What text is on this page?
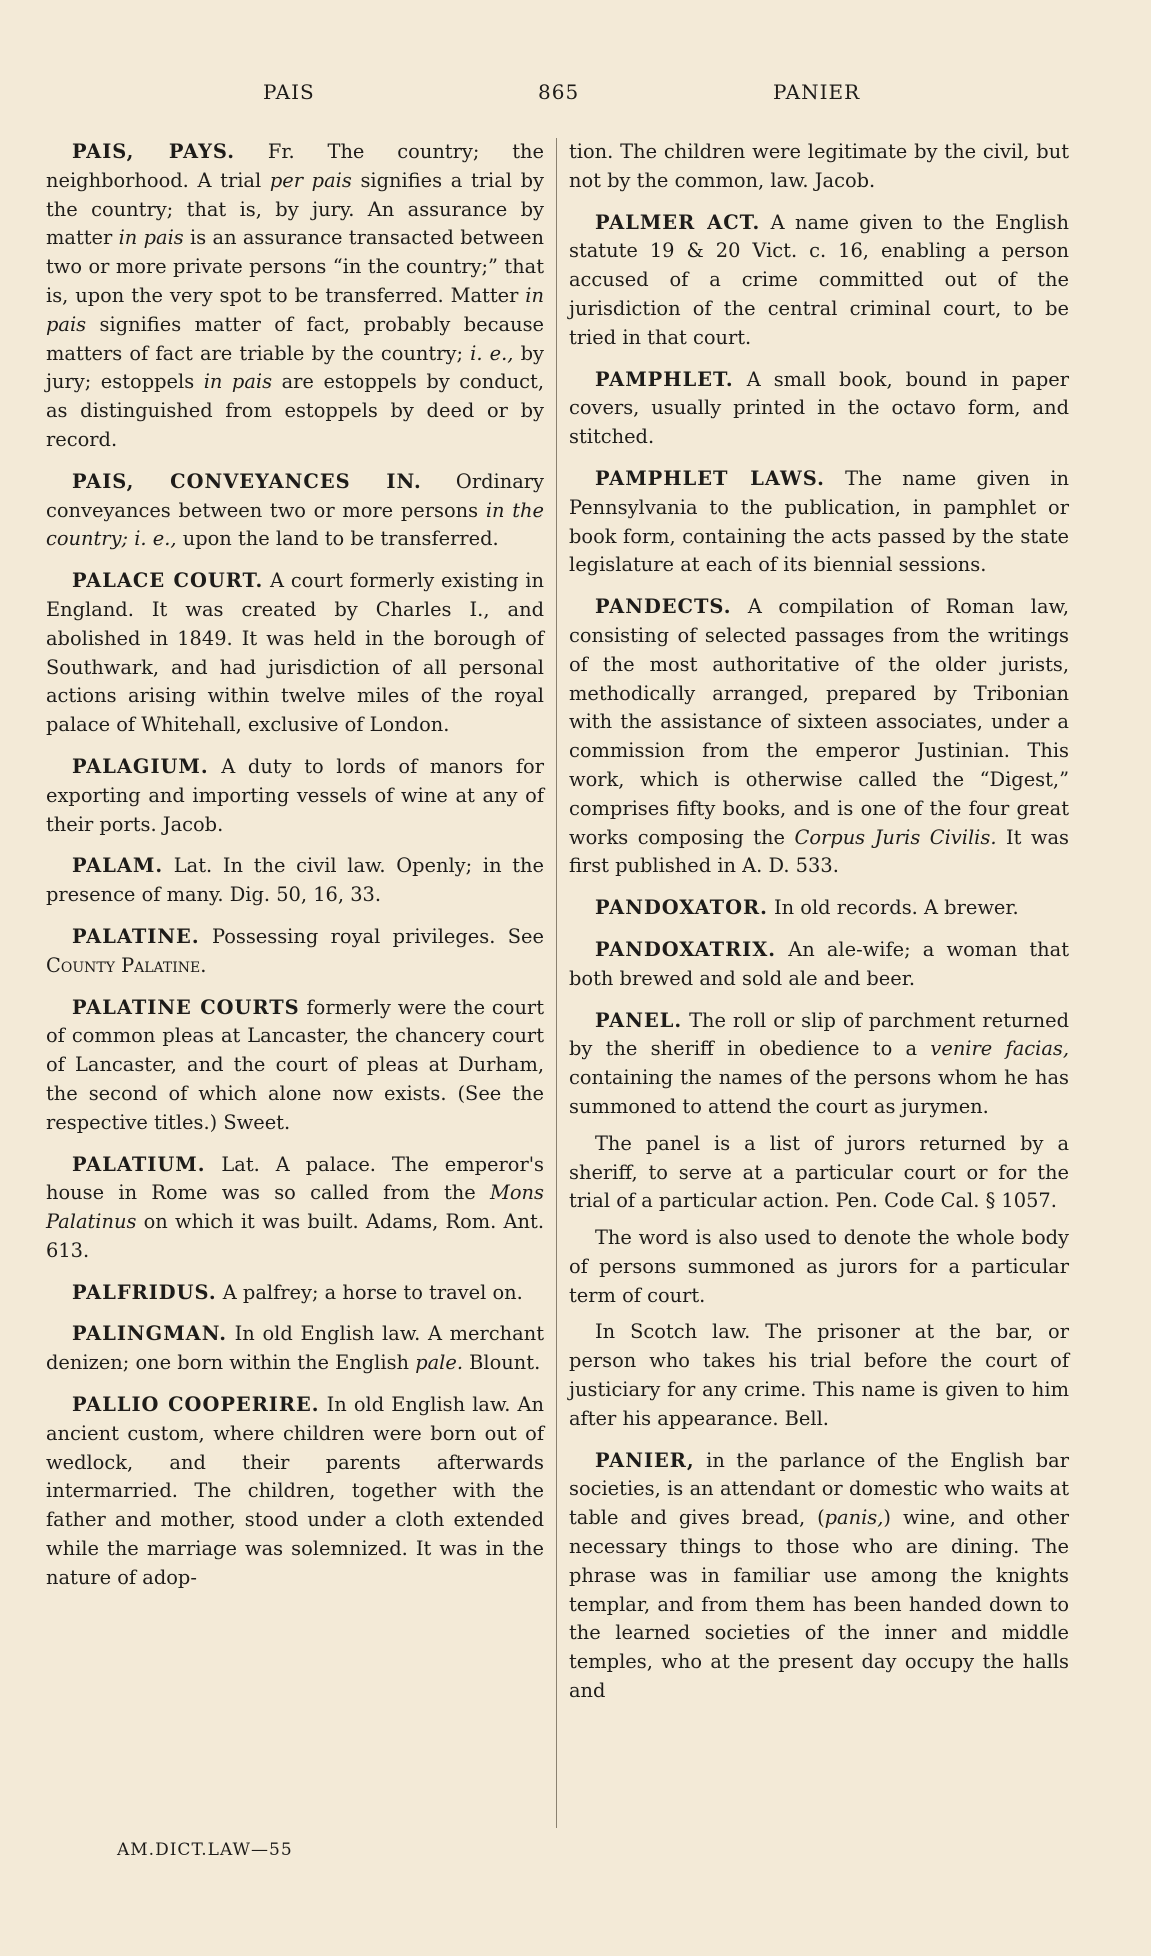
PAIS	865	PANIER

PAIS, PAYS. Fr. The country; the neighborhood. A trial per pais signifies a trial by the country; that is, by jury. An assurance by matter in pais is an assurance transacted between two or more private persons “in the country;” that is, upon the very spot to be transferred. Matter in pais signifies matter of fact, probably because matters of fact are triable by the country; i. e., by jury; estoppels in pais are estoppels by conduct, as distinguished from estoppels by deed or by record.

PAIS, CONVEYANCES IN. Ordinary conveyances between two or more persons in the country; i. e., upon the land to be transferred.

PALACE COURT. A court formerly existing in England. It was created by Charles I., and abolished in 1849. It was held in the borough of Southwark, and had jurisdiction of all personal actions arising within twelve miles of the royal palace of Whitehall, exclusive of London.

PALAGIUM. A duty to lords of manors for exporting and importing vessels of wine at any of their ports. Jacob.

PALAM. Lat. In the civil law. Openly; in the presence of many. Dig. 50, 16, 33.

PALATINE. Possessing royal privileges. See County Palatine.

PALATINE COURTS formerly were the court of common pleas at Lancaster, the chancery court of Lancaster, and the court of pleas at Durham, the second of which alone now exists. (See the respective titles.) Sweet.

PALATIUM. Lat. A palace. The emperor's house in Rome was so called from the Mons Palatinus on which it was built. Adams, Rom. Ant. 613.

PALFRIDUS. A palfrey; a horse to travel on.

PALINGMAN. In old English law. A merchant denizen; one born within the English pale. Blount.

PALLIO COOPERIRE. In old English law. An ancient custom, where children were born out of wedlock, and their parents afterwards intermarried. The children, together with the father and mother, stood under a cloth extended while the marriage was solemnized. It was in the nature of adop-

tion. The children were legitimate by the civil, but not by the common, law. Jacob.

PALMER ACT. A name given to the English statute 19 & 20 Vict. c. 16, enabling a person accused of a crime committed out of the jurisdiction of the central criminal court, to be tried in that court.

PAMPHLET. A small book, bound in paper covers, usually printed in the octavo form, and stitched.

PAMPHLET LAWS. The name given in Pennsylvania to the publication, in pamphlet or book form, containing the acts passed by the state legislature at each of its biennial sessions.

PANDECTS. A compilation of Roman law, consisting of selected passages from the writings of the most authoritative of the older jurists, methodically arranged, prepared by Tribonian with the assistance of sixteen associates, under a commission from the emperor Justinian. This work, which is otherwise called the “Digest,” comprises fifty books, and is one of the four great works composing the Corpus Juris Civilis. It was first published in A. D. 533.

PANDOXATOR. In old records. A brewer.

PANDOXATRIX. An ale-wife; a woman that both brewed and sold ale and beer.

PANEL. The roll or slip of parchment returned by the sheriff in obedience to a venire facias, containing the names of the persons whom he has summoned to attend the court as jurymen.

The panel is a list of jurors returned by a sheriff, to serve at a particular court or for the trial of a particular action. Pen. Code Cal. § 1057.

The word is also used to denote the whole body of persons summoned as jurors for a particular term of court.

In Scotch law. The prisoner at the bar, or person who takes his trial before the court of justiciary for any crime. This name is given to him after his appearance. Bell.

PANIER, in the parlance of the English bar societies, is an attendant or domestic who waits at table and gives bread, (panis,) wine, and other necessary things to those who are dining. The phrase was in familiar use among the knights templar, and from them has been handed down to the learned societies of the inner and middle temples, who at the present day occupy the halls and

AM.DICT.LAW—55
